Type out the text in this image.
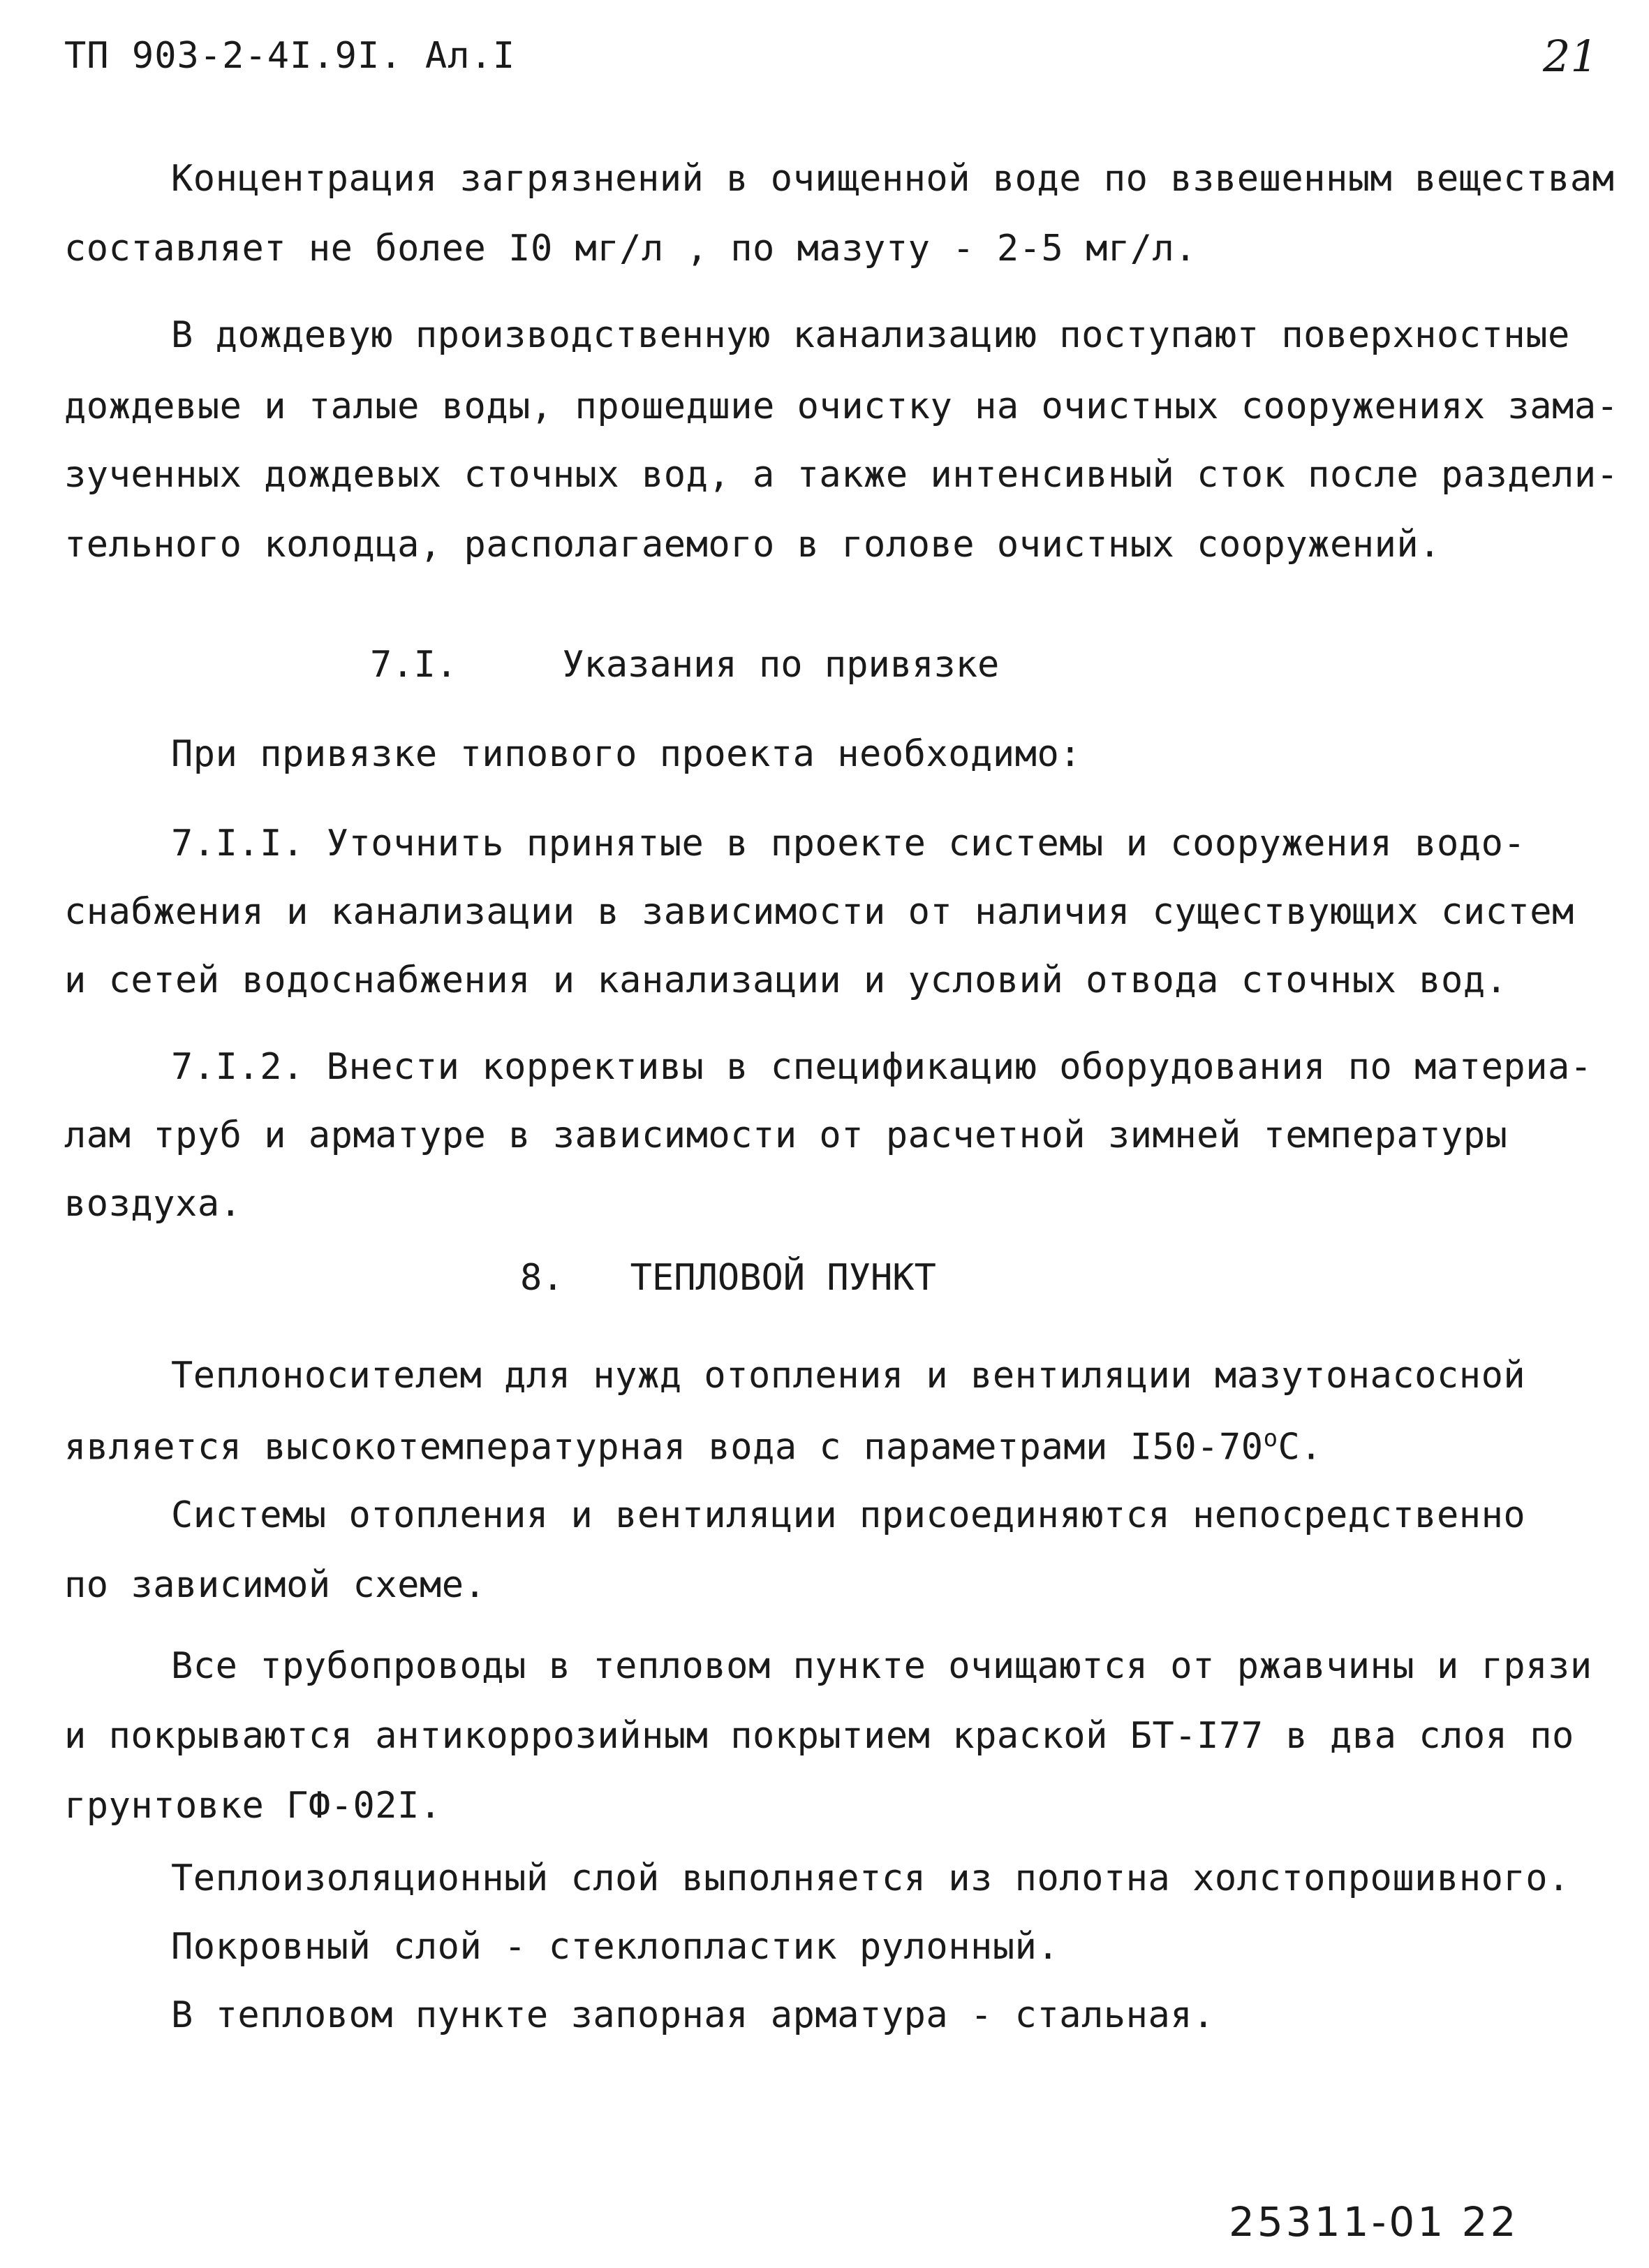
ТП 903-2-4I.9I. Ал.I	21
Концентрация загрязнений в очищенной воде по взвешенным веществам
составляет не более I0 мг/л , по мазуту - 2-5 мг/л.
В дождевую производственную канализацию поступают поверхностные
дождевые и талые воды, прошедшие очистку на очистных сооружениях зама-
зученных дождевых сточных вод, а также интенсивный сток после раздели-
тельного колодца, располагаемого в голове очистных сооружений.
7.I.	Указания по привязке
При привязке типового проекта необходимо:
7.I.I. Уточнить принятые в проекте системы и сооружения водо-
снабжения и канализации в зависимости от наличия существующих систем
и сетей водоснабжения и канализации и условий отвода сточных вод.
7.I.2. Внести коррективы в спецификацию оборудования по материа-
лам труб и арматуре в зависимости от расчетной зимней температуры
воздуха.
8. ТЕПЛОВОЙ ПУНКТ
Теплоносителем для нужд отопления и вентиляции мазутонасосной
является высокотемпературная вода с параметрами $I50-70^оС$.
Системы отопления и вентиляции присоединяются непосредственно
по зависимой схеме.
Все трубопроводы в тепловом пункте очищаются от ржавчины и грязи
и покрываются антикоррозийным покрытием краской БТ-I77 в два слоя по
грунтовке ГФ-02I.
Теплоизоляционный слой выполняется из полотна холстопрошивного.
Покровный слой - стеклопластик рулонный.
В тепловом пункте запорная арматура - стальная.
25311-01 22
